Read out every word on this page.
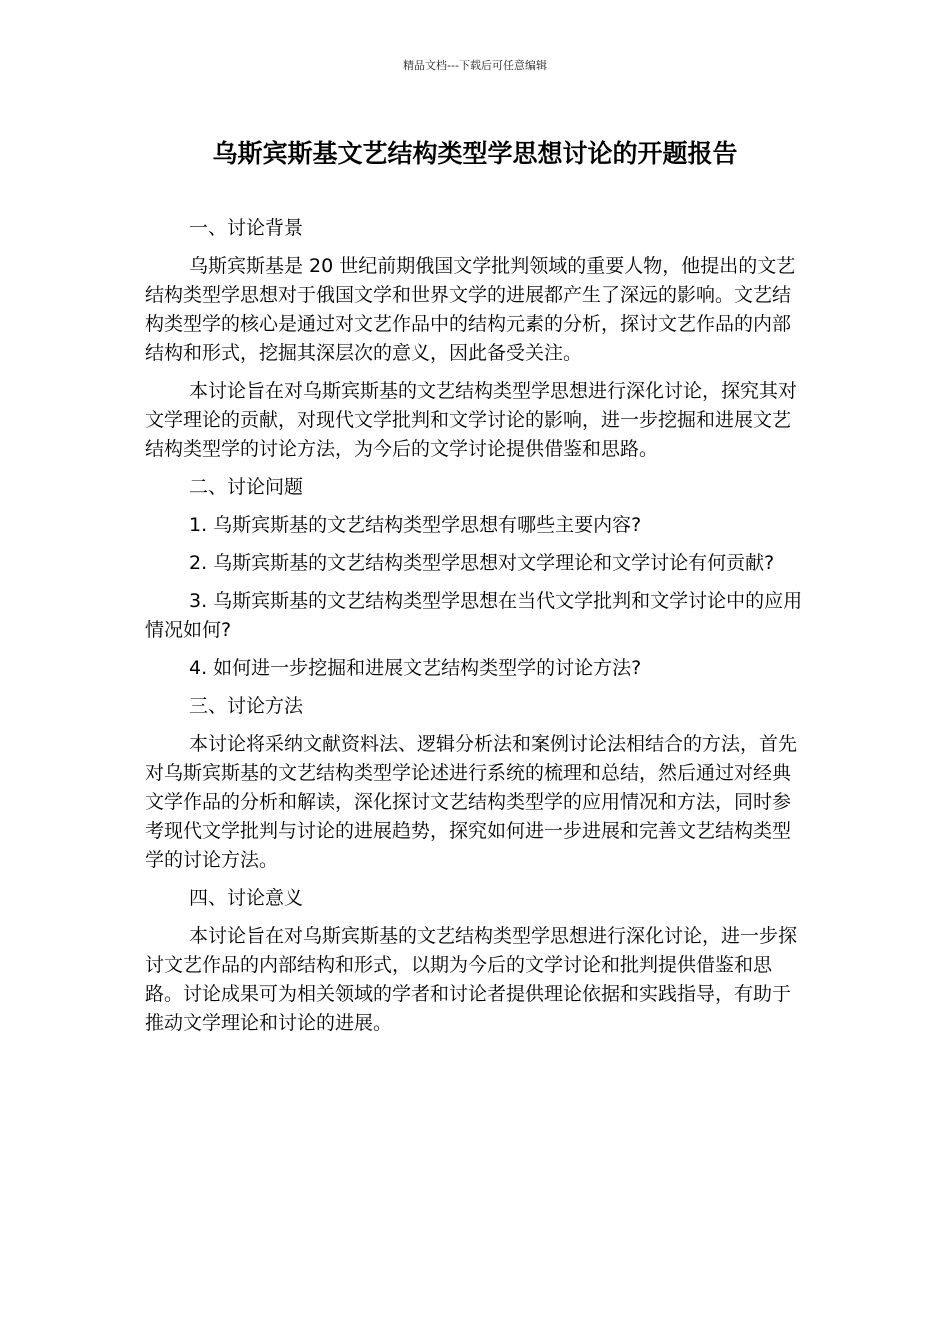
精品文档---下载后可任意编辑
乌斯宾斯基文艺结构类型学思想讨论的开题报告

一、讨论背景

乌斯宾斯基是 20 世纪前期俄国文学批判领域的重要人物，他提出的文艺结构类型学思想对于俄国文学和世界文学的进展都产生了深远的影响。文艺结构类型学的核心是通过对文艺作品中的结构元素的分析，探讨文艺作品的内部结构和形式，挖掘其深层次的意义，因此备受关注。

本讨论旨在对乌斯宾斯基的文艺结构类型学思想进行深化讨论，探究其对文学理论的贡献，对现代文学批判和文学讨论的影响，进一步挖掘和进展文艺结构类型学的讨论方法，为今后的文学讨论提供借鉴和思路。

二、讨论问题

1. 乌斯宾斯基的文艺结构类型学思想有哪些主要内容?

2. 乌斯宾斯基的文艺结构类型学思想对文学理论和文学讨论有何贡献?

3. 乌斯宾斯基的文艺结构类型学思想在当代文学批判和文学讨论中的应用情况如何?

4. 如何进一步挖掘和进展文艺结构类型学的讨论方法?

三、讨论方法

本讨论将采纳文献资料法、逻辑分析法和案例讨论法相结合的方法，首先对乌斯宾斯基的文艺结构类型学论述进行系统的梳理和总结，然后通过对经典文学作品的分析和解读，深化探讨文艺结构类型学的应用情况和方法，同时参考现代文学批判与讨论的进展趋势，探究如何进一步进展和完善文艺结构类型学的讨论方法。

四、讨论意义

本讨论旨在对乌斯宾斯基的文艺结构类型学思想进行深化讨论，进一步探讨文艺作品的内部结构和形式，以期为今后的文学讨论和批判提供借鉴和思路。讨论成果可为相关领域的学者和讨论者提供理论依据和实践指导，有助于推动文学理论和讨论的进展。
